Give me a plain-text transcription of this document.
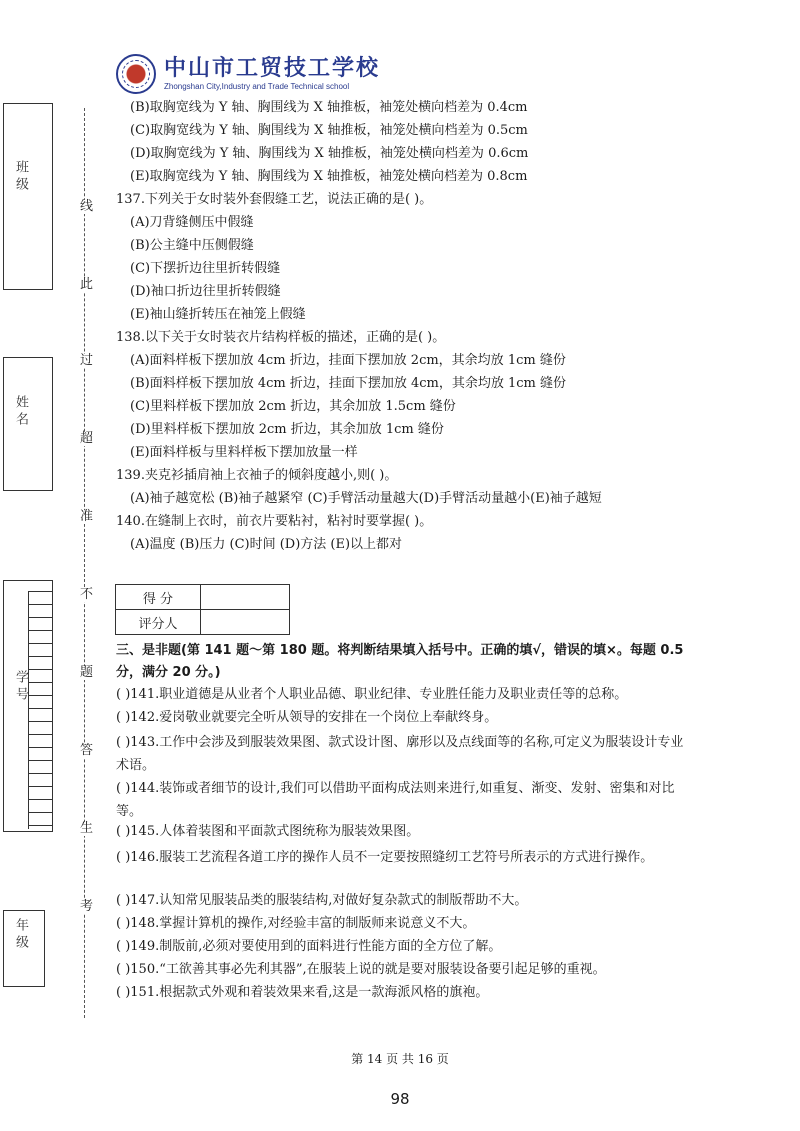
中山市工贸技工学校
Zhongshan City,Industry and Trade Technical school
班 级
姓 名
学 号
年 级
线
此
过
超
准
不
题
答
生
考
(B)取胸宽线为 Y 轴、胸围线为 X 轴推板，袖笼处横向档差为 0.4cm
(C)取胸宽线为 Y 轴、胸围线为 X 轴推板，袖笼处横向档差为 0.5cm
(D)取胸宽线为 Y 轴、胸围线为 X 轴推板，袖笼处横向档差为 0.6cm
(E)取胸宽线为 Y 轴、胸围线为 X 轴推板，袖笼处横向档差为 0.8cm
137.下列关于女时装外套假缝工艺，说法正确的是( )。
(A)刀背缝侧压中假缝
(B)公主缝中压侧假缝
(C)下摆折边往里折转假缝
(D)袖口折边往里折转假缝
(E)袖山缝折转压在袖笼上假缝
138.以下关于女时装衣片结构样板的描述，正确的是( )。
(A)面料样板下摆加放 4cm 折边，挂面下摆加放 2cm，其余均放 1cm 缝份
(B)面料样板下摆加放 4cm 折边，挂面下摆加放 4cm，其余均放 1cm 缝份
(C)里料样板下摆加放 2cm 折边，其余加放 1.5cm 缝份
(D)里料样板下摆加放 2cm 折边，其余加放 1cm 缝份
(E)面料样板与里料样板下摆加放量一样
139.夹克衫插肩袖上衣袖子的倾斜度越小,则( )。
(A)袖子越宽松 (B)袖子越紧窄 (C)手臂活动量越大(D)手臂活动量越小(E)袖子越短
140.在缝制上衣时，前衣片要粘衬，粘衬时要掌握( )。
(A)温度 (B)压力 (C)时间 (D)方法 (E)以上都对
得 分	
评分人	
三、是非题(第 141 题～第 180 题。将判断结果填入括号中。正确的填√，错误的填×。每题 0.5 分，满分 20 分。)
( )141.职业道德是从业者个人职业品德、职业纪律、专业胜任能力及职业责任等的总称。
( )142.爱岗敬业就要完全听从领导的安排在一个岗位上奉献终身。
( )143.工作中会涉及到服装效果图、款式设计图、廓形以及点线面等的名称,可定义为服装设计专业术语。
( )144.装饰或者细节的设计,我们可以借助平面构成法则来进行,如重复、渐变、发射、密集和对比等。
( )145.人体着装图和平面款式图统称为服装效果图。
( )146.服装工艺流程各道工序的操作人员不一定要按照缝纫工艺符号所表示的方式进行操作。
( )147.认知常见服装品类的服装结构,对做好复杂款式的制版帮助不大。
( )148.掌握计算机的操作,对经验丰富的制版师来说意义不大。
( )149.制版前,必须对要使用到的面料进行性能方面的全方位了解。
( )150.“工欲善其事必先利其器”,在服装上说的就是要对服装设备要引起足够的重视。
( )151.根据款式外观和着装效果来看,这是一款海派风格的旗袍。
第 14 页 共 16 页
98
